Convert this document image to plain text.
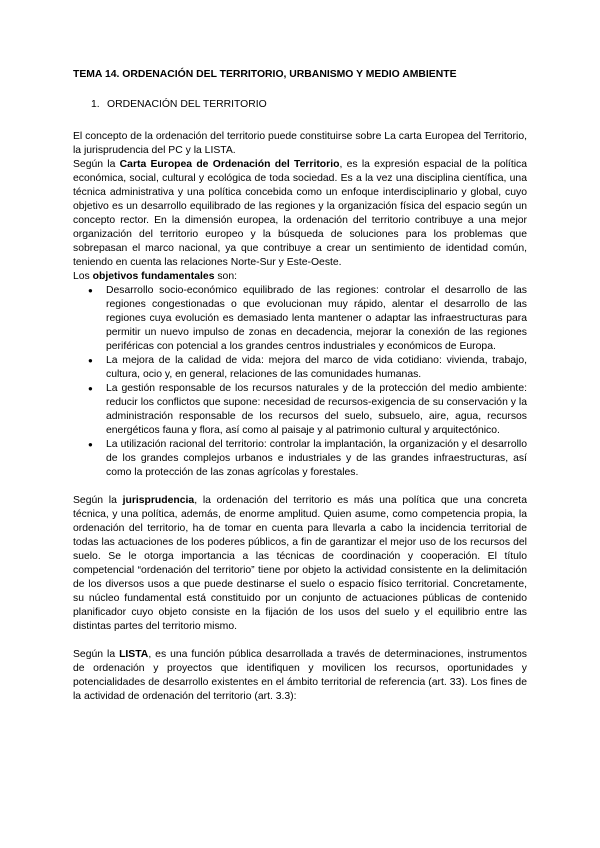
TEMA 14. ORDENACIÓN DEL TERRITORIO, URBANISMO Y MEDIO AMBIENTE
1. ORDENACIÓN DEL TERRITORIO

El concepto de la ordenación del territorio puede constituirse sobre La carta Europea del Territorio, la jurisprudencia del PC y la LISTA.

Según la Carta Europea de Ordenación del Territorio, es la expresión espacial de la política económica, social, cultural y ecológica de toda sociedad. Es a la vez una disciplina científica, una técnica administrativa y una política concebida como un enfoque interdisciplinario y global, cuyo objetivo es un desarrollo equilibrado de las regiones y la organización física del espacio según un concepto rector. En la dimensión europea, la ordenación del territorio contribuye a una mejor organización del territorio europeo y la búsqueda de soluciones para los problemas que sobrepasan el marco nacional, ya que contribuye a crear un sentimiento de identidad común, teniendo en cuenta las relaciones Norte-Sur y Este-Oeste.

Los objetivos fundamentales son:

●	Desarrollo socio-económico equilibrado de las regiones: controlar el desarrollo de las regiones congestionadas o que evolucionan muy rápido, alentar el desarrollo de las regiones cuya evolución es demasiado lenta mantener o adaptar las infraestructuras para permitir un nuevo impulso de zonas en decadencia, mejorar la conexión de las regiones periféricas con potencial a los grandes centros industriales y económicos de Europa.
●	La mejora de la calidad de vida: mejora del marco de vida cotidiano: vivienda, trabajo, cultura, ocio y, en general, relaciones de las comunidades humanas.
●	La gestión responsable de los recursos naturales y de la protección del medio ambiente: reducir los conflictos que supone: necesidad de recursos-exigencia de su conservación y la administración responsable de los recursos del suelo, subsuelo, aire, agua, recursos energéticos fauna y flora, así como al paisaje y al patrimonio cultural y arquitectónico.
●	La utilización racional del territorio: controlar la implantación, la organización y el desarrollo de los grandes complejos urbanos e industriales y de las grandes infraestructuras, así como la protección de las zonas agrícolas y forestales.

Según la jurisprudencia, la ordenación del territorio es más una política que una concreta técnica, y una política, además, de enorme amplitud. Quien asume, como competencia propia, la ordenación del territorio, ha de tomar en cuenta para llevarla a cabo la incidencia territorial de todas las actuaciones de los poderes públicos, a fin de garantizar el mejor uso de los recursos del suelo. Se le otorga importancia a las técnicas de coordinación y cooperación. El título competencial “ordenación del territorio” tiene por objeto la actividad consistente en la delimitación de los diversos usos a que puede destinarse el suelo o espacio físico territorial. Concretamente, su núcleo fundamental está constituido por un conjunto de actuaciones públicas de contenido planificador cuyo objeto consiste en la fijación de los usos del suelo y el equilibrio entre las distintas partes del territorio mismo.

Según la LISTA, es una función pública desarrollada a través de determinaciones, instrumentos de ordenación y proyectos que identifiquen y movilicen los recursos, oportunidades y potencialidades de desarrollo existentes en el ámbito territorial de referencia (art. 33). Los fines de la actividad de ordenación del territorio (art. 3.3):
